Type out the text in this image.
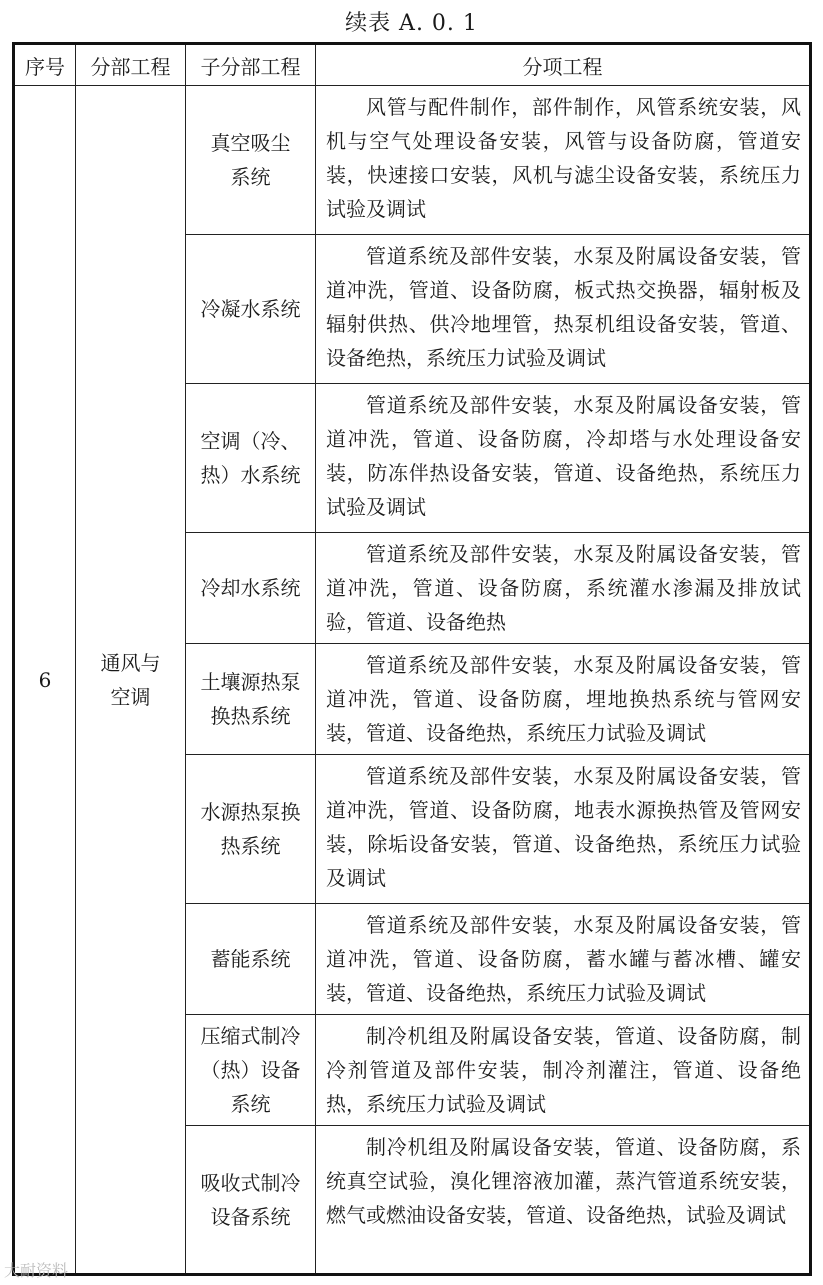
续表 A. 0. 1
序号	分部工程	子分部工程	分项工程
6	通风与空调	真空吸尘系统	风管与配件制作，部件制作，风管系统安装，风机与空气处理设备安装，风管与设备防腐，管道安装，快速接口安装，风机与滤尘设备安装，系统压力试验及调试
		冷凝水系统	管道系统及部件安装，水泵及附属设备安装，管道冲洗，管道、设备防腐，板式热交换器，辐射板及辐射供热、供冷地埋管，热泵机组设备安装，管道、设备绝热，系统压力试验及调试
		空调（冷、热）水系统	管道系统及部件安装，水泵及附属设备安装，管道冲洗，管道、设备防腐，冷却塔与水处理设备安装，防冻伴热设备安装，管道、设备绝热，系统压力试验及调试
		冷却水系统	管道系统及部件安装，水泵及附属设备安装，管道冲洗，管道、设备防腐，系统灌水渗漏及排放试验，管道、设备绝热
		土壤源热泵换热系统	管道系统及部件安装，水泵及附属设备安装，管道冲洗，管道、设备防腐，埋地换热系统与管网安装，管道、设备绝热，系统压力试验及调试
		水源热泵换热系统	管道系统及部件安装，水泵及附属设备安装，管道冲洗，管道、设备防腐，地表水源换热管及管网安装，除垢设备安装，管道、设备绝热，系统压力试验及调试
		蓄能系统	管道系统及部件安装，水泵及附属设备安装，管道冲洗，管道、设备防腐，蓄水罐与蓄冰槽、罐安装，管道、设备绝热，系统压力试验及调试
		压缩式制冷（热）设备系统	制冷机组及附属设备安装，管道、设备防腐，制冷剂管道及部件安装，制冷剂灌注，管道、设备绝热，系统压力试验及调试
		吸收式制冷设备系统	制冷机组及附属设备安装，管道、设备防腐，系统真空试验，溴化锂溶液加灌，蒸汽管道系统安装，燃气或燃油设备安装，管道、设备绝热，试验及调试
大耐资料
